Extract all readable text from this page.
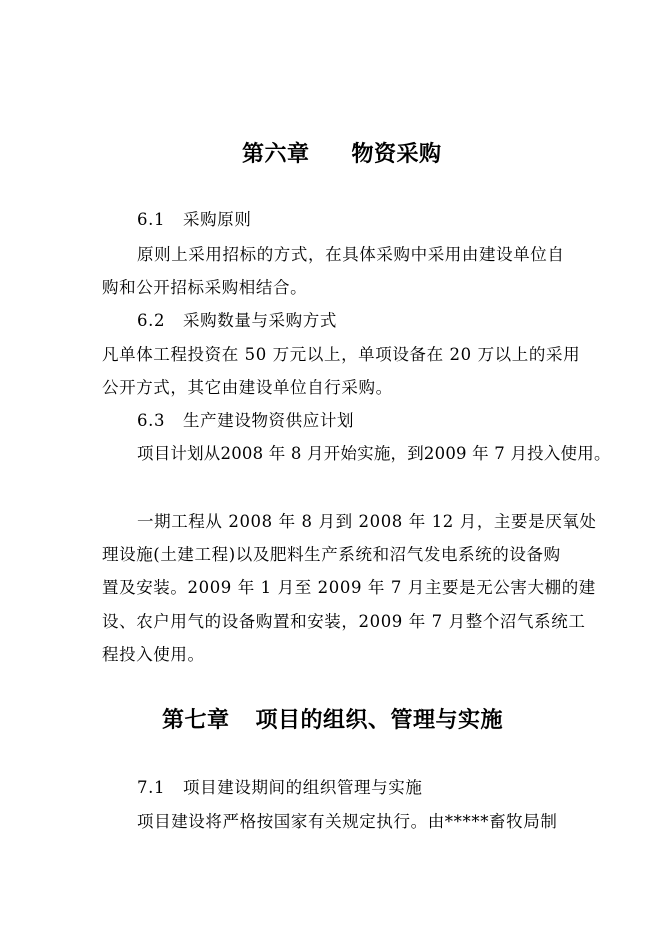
第六章 物资采购
6.1 采购原则
原则上采用招标的方式，在具体采购中采用由建设单位自
购和公开招标采购相结合。
6.2 采购数量与采购方式
凡单体工程投资在 50 万元以上，单项设备在 20 万以上的采用
公开方式，其它由建设单位自行采购。
6.3 生产建设物资供应计划
项目计划从2008 年 8 月开始实施，到2009 年 7 月投入使用。
一期工程从 2008 年 8 月到 2008 年 12 月，主要是厌氧处
理设施(土建工程)以及肥料生产系统和沼气发电系统的设备购
置及安装。2009 年 1 月至 2009 年 7 月主要是无公害大棚的建
设、农户用气的设备购置和安装，2009 年 7 月整个沼气系统工
程投入使用。
第七章 项目的组织、管理与实施
7.1 项目建设期间的组织管理与实施
项目建设将严格按国家有关规定执行。由*****畜牧局制
